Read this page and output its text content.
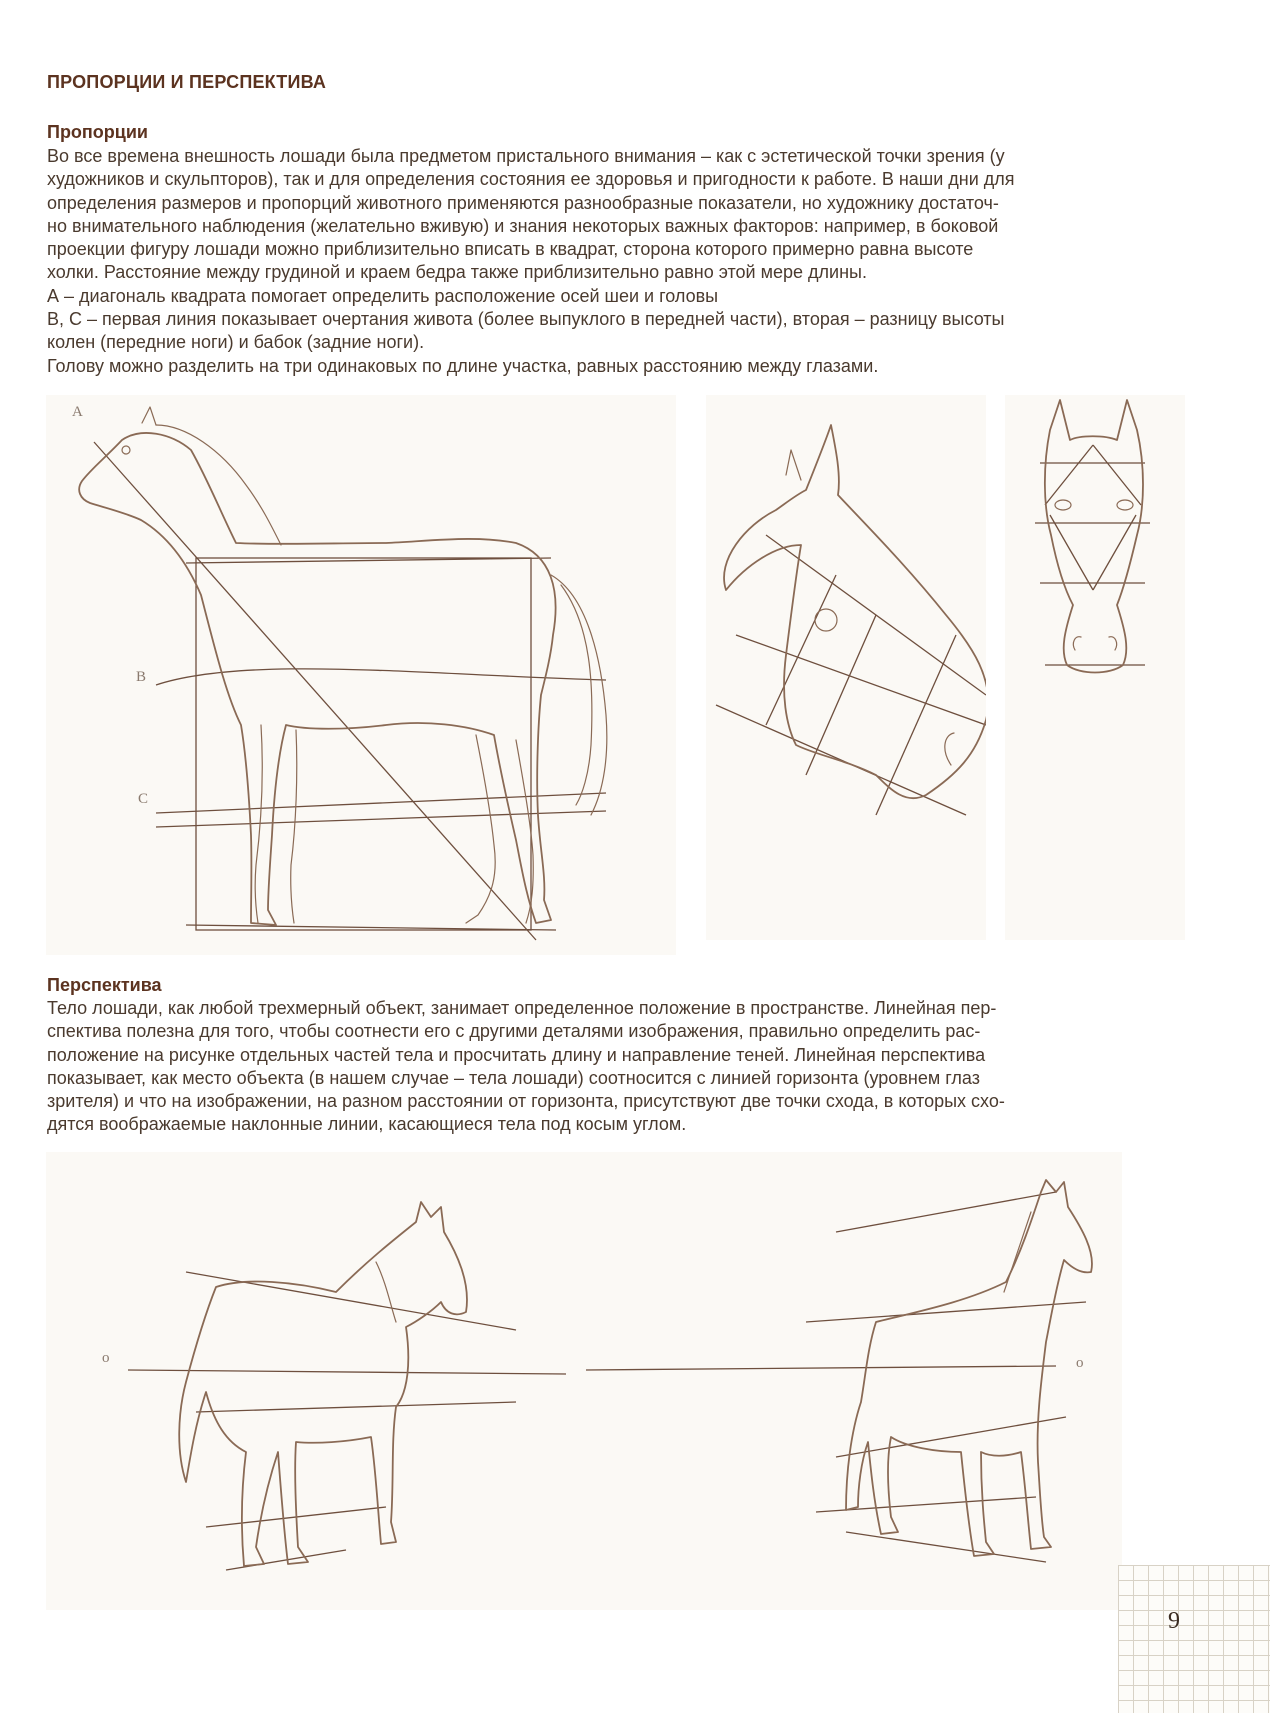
ПРОПОРЦИИ И ПЕРСПЕКТИВА
Пропорции

Во все времена внешность лошади была предметом пристального внимания – как с эстетической точки зрения (у
художников и скульпторов), так и для определения состояния ее здоровья и пригодности к работе. В наши дни для
определения размеров и пропорций животного применяются разнообразные показатели, но художнику достаточ-
но внимательного наблюдения (желательно вживую) и знания некоторых важных факторов: например, в боковой
проекции фигуру лошади можно приблизительно вписать в квадрат, сторона которого примерно равна высоте
холки. Расстояние между грудиной и краем бедра также приблизительно равно этой мере длины.
А – диагональ квадрата помогает определить расположение осей шеи и головы
В, С – первая линия показывает очертания живота (более выпуклого в передней части), вторая – разницу высоты
колен (передние ноги) и бабок (задние ноги).
Голову можно разделить на три одинаковых по длине участка, равных расстоянию между глазами.

A
B
C
Перспектива

Тело лошади, как любой трехмерный объект, занимает определенное положение в пространстве. Линейная пер-
спектива полезна для того, чтобы соотнести его с другими деталями изображения, правильно определить рас-
положение на рисунке отдельных частей тела и просчитать длину и направление теней. Линейная перспектива
показывает, как место объекта (в нашем случае – тела лошади) соотносится с линией горизонта (уровнем глаз
зрителя) и что на изображении, на разном расстоянии от горизонта, присутствуют две точки схода, в которых схо-
дятся воображаемые наклонные линии, касающиеся тела под косым углом.

o	o
9
